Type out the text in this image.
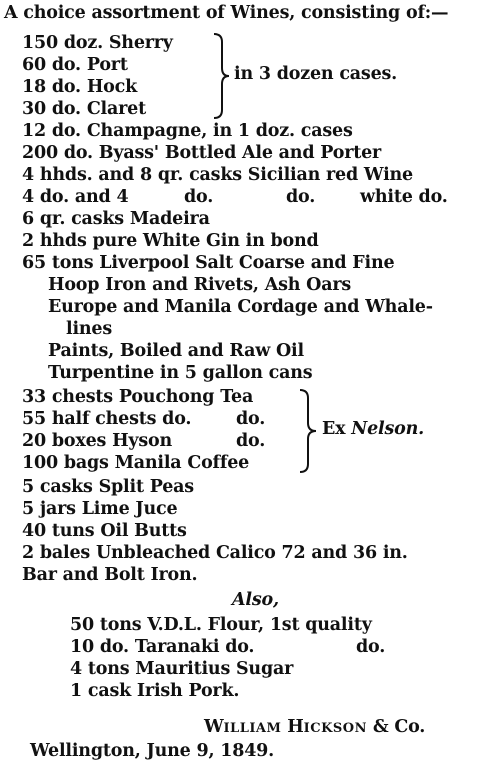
A choice assortment of Wines, consisting of:—
150 doz. Sherry
60 do. Port
18 do. Hock
30 do. Claret
in 3 dozen cases.
12 do. Champagne, in 1 doz. cases
200 do. Byass' Bottled Ale and Porter
4 hhds. and 8 qr. casks Sicilian red Wine
4 do. and 4	do.	do.	white do.
6 qr. casks Madeira
2 hhds pure White Gin in bond
65 tons Liverpool Salt Coarse and Fine
Hoop Iron and Rivets, Ash Oars
Europe and Manila Cordage and Whale-
lines
Paints, Boiled and Raw Oil
Turpentine in 5 gallon cans
33 chests Pouchong Tea
55 half chests do.	do.
20 boxes Hyson	do.
100 bags Manila Coffee
Ex Nelson.
5 casks Split Peas
5 jars Lime Juce
40 tuns Oil Butts
2 bales Unbleached Calico 72 and 36 in.
Bar and Bolt Iron.
Also,
50 tons V.D.L. Flour, 1st quality
10 do. Taranaki do.	do.
4 tons Mauritius Sugar
1 cask Irish Pork.
WILLIAM HICKSON & Co.
Wellington, June 9, 1849.
